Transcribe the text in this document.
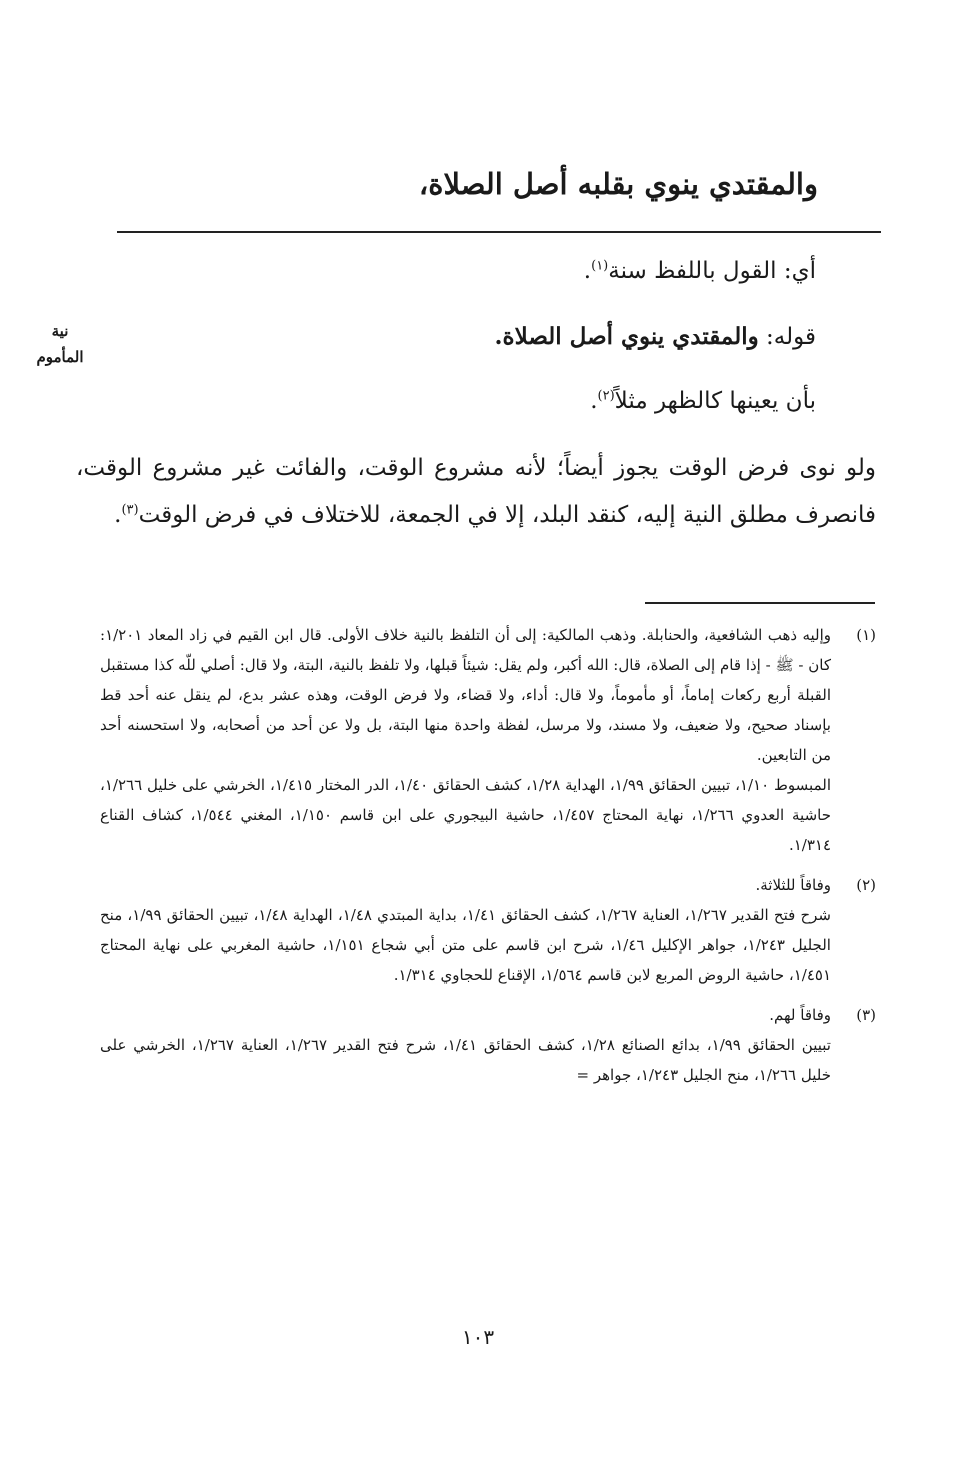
والمقتدي ينوي بقلبه أصل الصلاة،
نية المأموم

أي: القول باللفظ سنة$^{(١)}$.

قوله: والمقتدي ينوي أصل الصلاة.

بأن يعينها كالظهر مثلاً$^{(٢)}$.

ولو نوى فرض الوقت يجوز أيضاً؛ لأنه مشروع الوقت، والفائت غير مشروع الوقت، فانصرف مطلق النية إليه، كنقد البلد، إلا في الجمعة، للاختلاف في فرض الوقت$^{(٣)}$.

(١)

وإليه ذهب الشافعية، والحنابلة. وذهب المالكية: إلى أن التلفظ بالنية خلاف الأولى. قال ابن القيم في زاد المعاد ١/٢٠١: كان - ﷺ - إذا قام إلى الصلاة، قال: الله أكبر، ولم يقل: شيئاً قبلها، ولا تلفظ بالنية، البتة، ولا قال: أصلي للّه كذا مستقبل القبلة أربع ركعات إماماً، أو مأموماً، ولا قال: أداء، ولا قضاء، ولا فرض الوقت، وهذه عشر بدع، لم ينقل عنه أحد قط بإسناد صحيح، ولا ضعيف، ولا مسند، ولا مرسل، لفظة واحدة منها البتة، بل ولا عن أحد من أصحابه، ولا استحسنه أحد من التابعين.

المبسوط ١/١٠، تبيين الحقائق ١/٩٩، الهداية ١/٢٨، كشف الحقائق ١/٤٠، الدر المختار ١/٤١٥، الخرشي على خليل ١/٢٦٦، حاشية العدوي ١/٢٦٦، نهاية المحتاج ١/٤٥٧، حاشية البيجوري على ابن قاسم ١/١٥٠، المغني ١/٥٤٤، كشاف القناع ١/٣١٤.

(٢)

وفاقاً للثلاثة.

شرح فتح القدير ١/٢٦٧، العناية ١/٢٦٧، كشف الحقائق ١/٤١، بداية المبتدي ١/٤٨، الهداية ١/٤٨، تبيين الحقائق ١/٩٩، منح الجليل ١/٢٤٣، جواهر الإكليل ١/٤٦، شرح ابن قاسم على متن أبي شجاع ١/١٥١، حاشية المغربي على نهاية المحتاج ١/٤٥١، حاشية الروض المربع لابن قاسم ١/٥٦٤، الإقناع للحجاوي ١/٣١٤.

(٣)

وفاقاً لهم.

تبيين الحقائق ١/٩٩، بدائع الصنائع ١/٢٨، كشف الحقائق ١/٤١، شرح فتح القدير ١/٢٦٧، العناية ١/٢٦٧، الخرشي على خليل ١/٢٦٦، منح الجليل ١/٢٤٣، جواهر =

١٠٣
